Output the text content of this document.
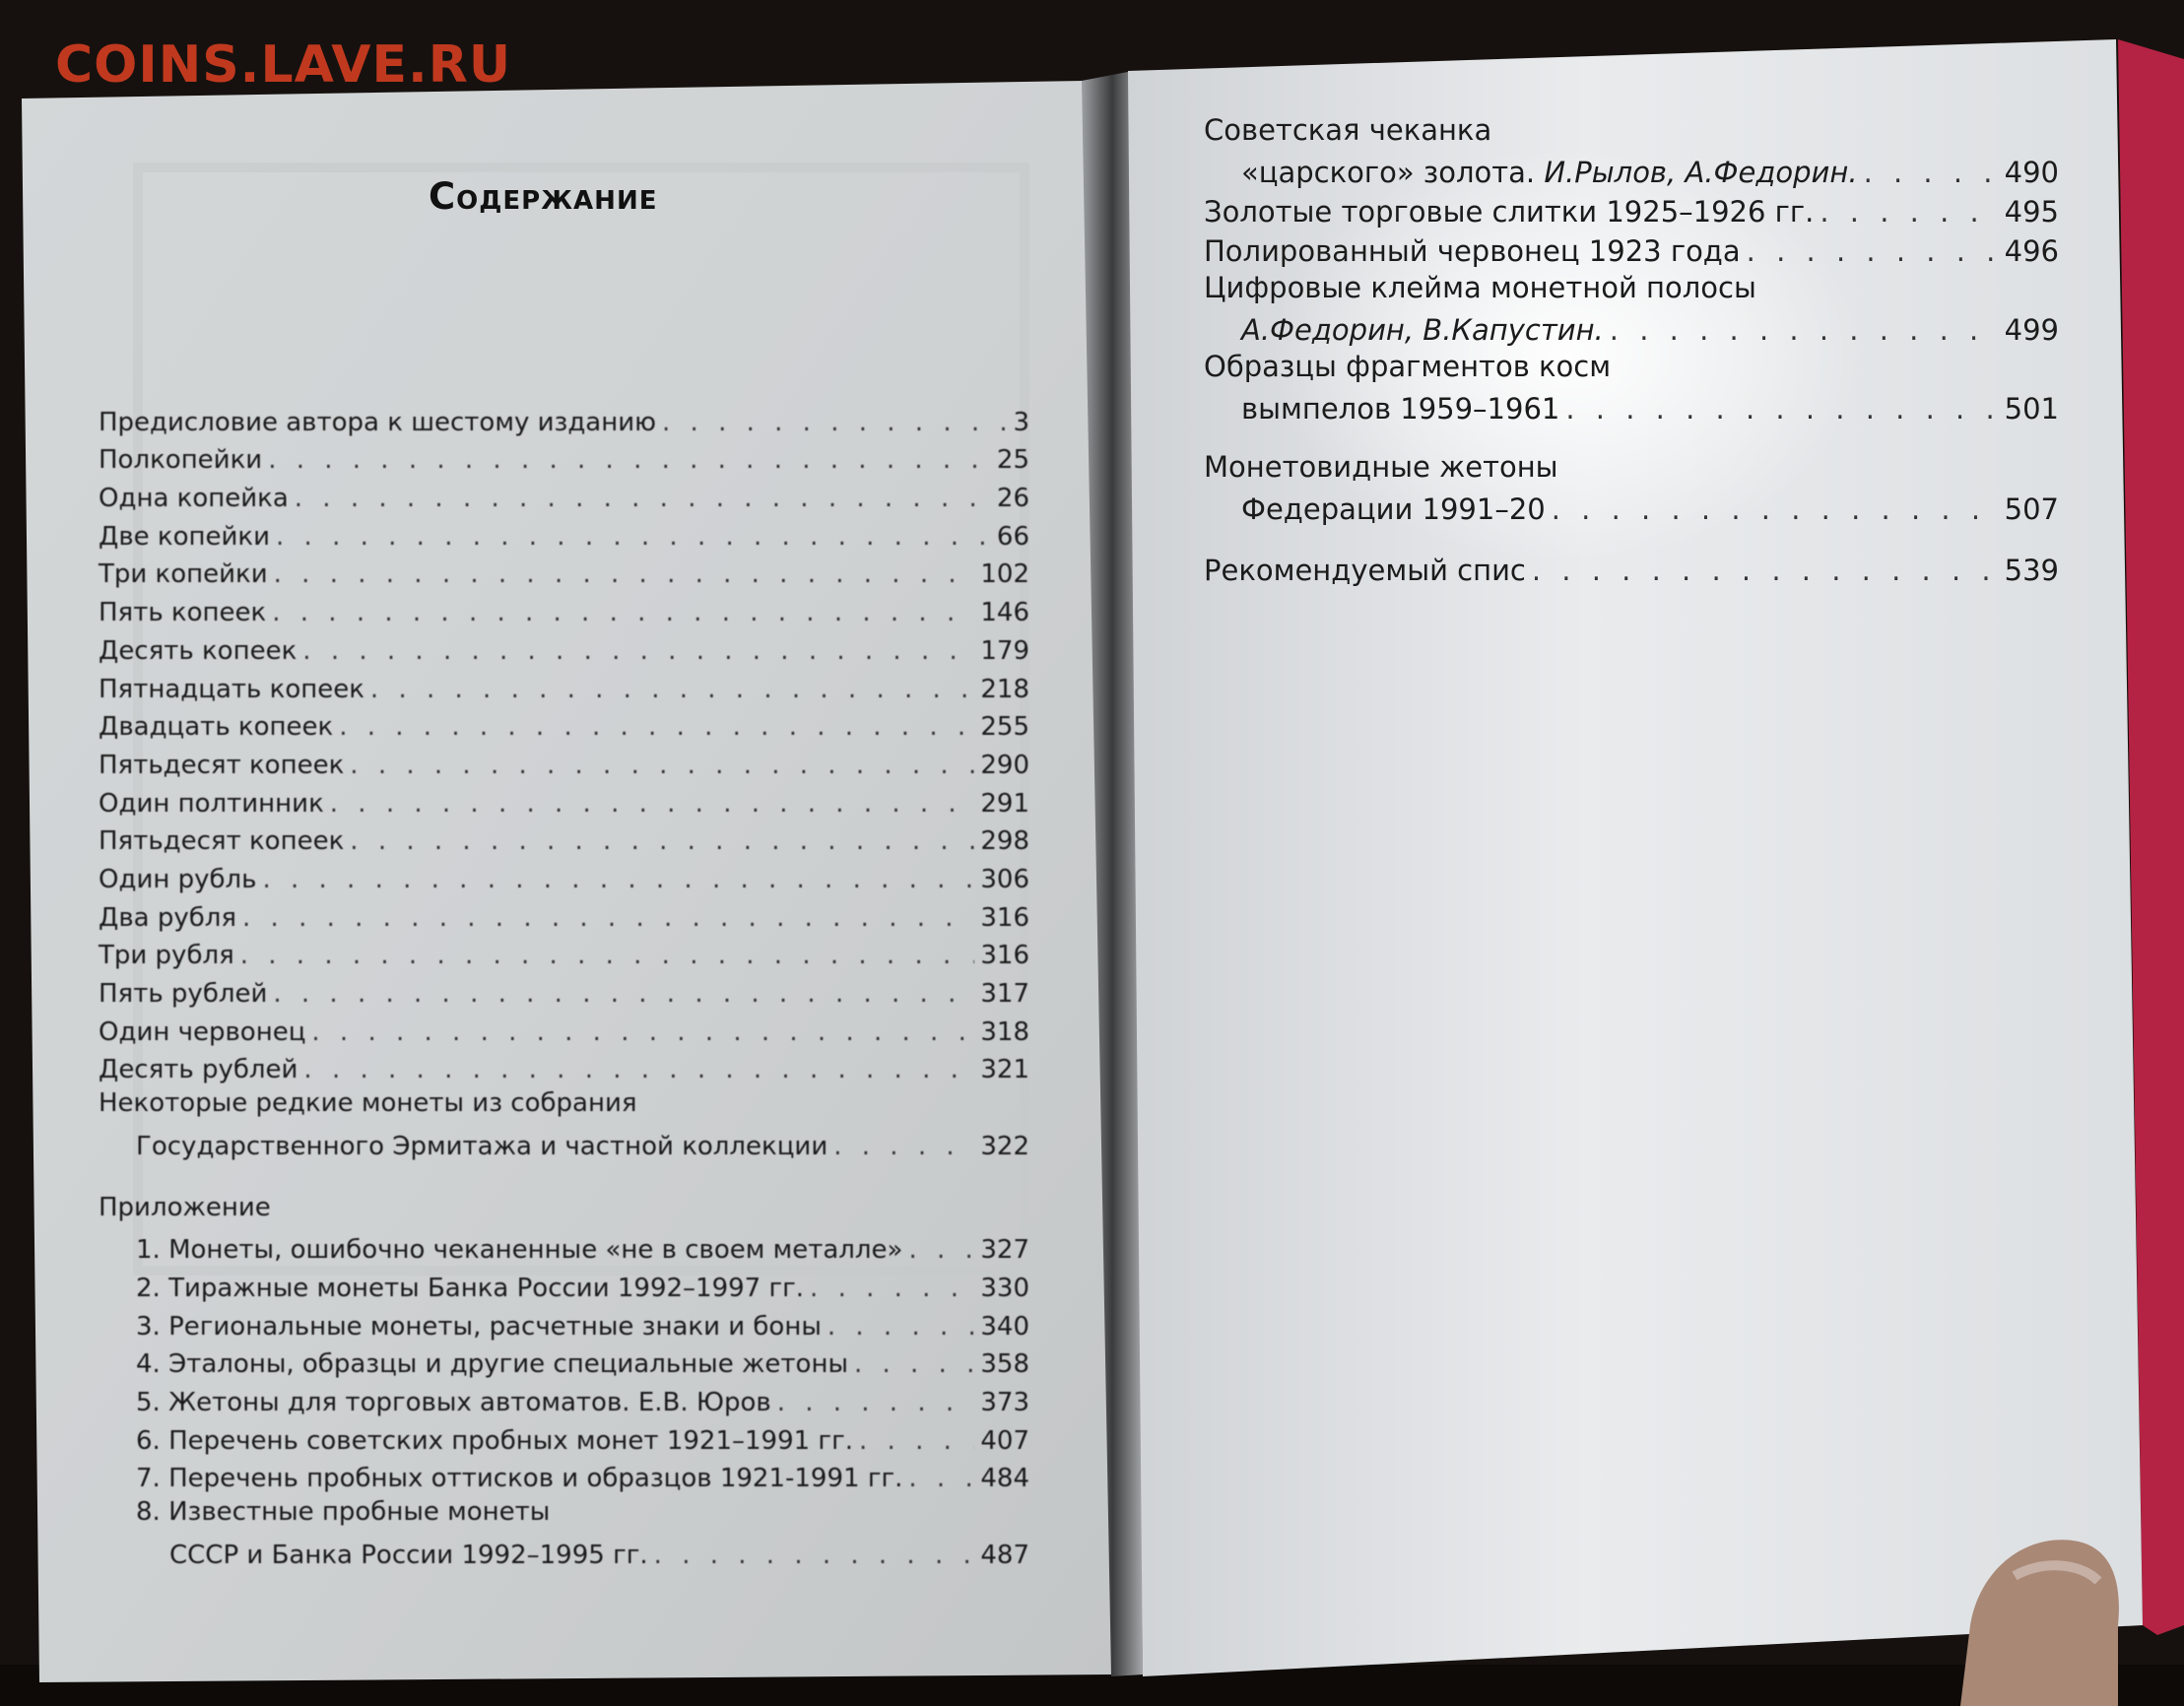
COINS.LAVE.RU
Содержание
Предисловие автора к шестому изданию . . .	3
Полкопейки . . .	25
Одна копейка . . .	26
Две копейки . . .	66
Три копейки . . .	102
Пять копеек . . .	146
Десять копеек . . .	179
Пятнадцать копеек . . .	218
Двадцать копеек . . .	255
Пятьдесят копеек . . .	290
Один полтинник . . .	291
Пятьдесят копеек . . .	298
Один рубль . . .	306
Два рубля . . .	316
Три рубля . . .	316
Пять рублей . . .	317
Один червонец . . .	318
Десять рублей . . .	321
Некоторые редкие монеты из собрания
Государственного Эрмитажа и частной коллекции . . .	322
Приложение
1. Монеты, ошибочно чеканенные «не в своем металле» . . .	327
2. Тиражные монеты Банка России 1992–1997 гг. . . .	330
3. Региональные монеты, расчетные знаки и боны . . .	340
4. Эталоны, образцы и другие специальные жетоны . . .	358
5. Жетоны для торговых автоматов. Е.В. Юров . . .	373
6. Перечень советских пробных монет 1921–1991 гг. . . .	407
7. Перечень пробных оттисков и образцов 1921-1991 гг. . . .	484
8. Известные пробные монеты
СССР и Банка России 1992–1995 гг. . . .	487
Советская чеканка
«царского» золота. И.Рылов, А.Федорин. . . .	490
Золотые торговые слитки 1925–1926 гг. . . .	495
Полированный червонец 1923 года . . .	496
Цифровые клейма монетной полосы
А.Федорин, В.Капустин. . . .	499
Образцы фрагментов косм
вымпелов 1959–1961 . . .	501
Монетовидные жетоны
Федерации 1991–20 . . .	507
Рекомендуемый спис . . .	539
